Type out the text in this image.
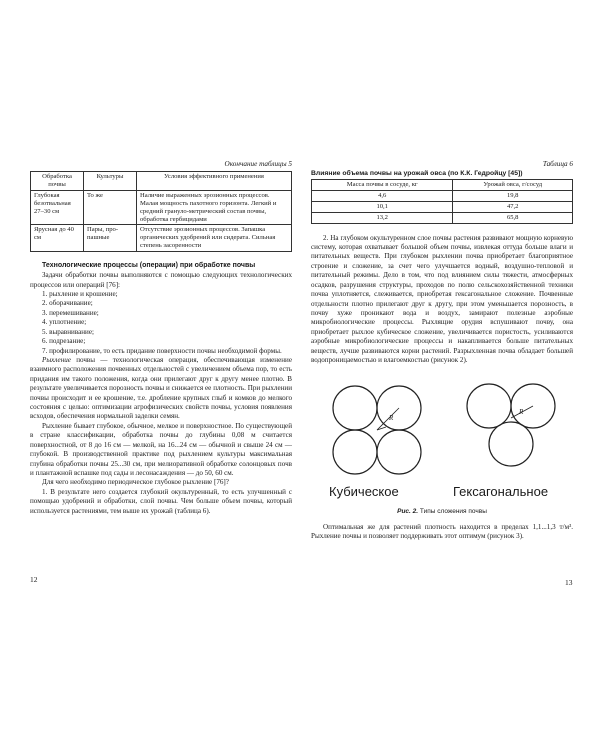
Окончание таблицы 5
Обработка почвы	Культуры	Условия эффективного применения
Глубокая безотвальная 27–30 см	То же	Наличие выраженных эрозионных процессов. Малая мощность пахотного горизонта. Легкий и средний грануло-метрический состав почвы, обработка гербицидами
Ярусная до 40 см	Пары, про-пашные	Отсутствие эрозионных процессов. Запашка органических удобрений или сидерата. Сильная степень засоренности
Технологические процессы (операции) при обработке почвы

Задачи обработки почвы выполняются с помощью следующих технологических процессов или операций [76]:

1. рыхление и крошение;
2. оборачивание;
3. перемешивание;
4. уплотнение;
5. выравнивание;
6. подрезание;
7. профилирование, то есть придание поверхности почвы необходимой формы.

Рыхление почвы — технологическая операция, обеспечивающая изменение взаимного расположения почвенных отдельностей с увеличением объема пор, то есть придания им такого положения, когда они прилегают друг к другу менее плотно. В результате увеличивается порозность почвы и снижается ее плотность. При рыхлении почвы происходит и ее крошение, т.е. дробление крупных глыб и комков до мелкого состояния с целью: оптимизации агрофизических свойств почвы, условия появления всходов, обеспечения нормальной заделки семян.

Рыхление бывает глубокое, обычное, мелкое и поверхностное. По существующей в стране классификации, обработка почвы до глубины 0,08 м считается поверхностной, от 8 до 16 см — мелкой, на 16...24 см — обычной и свыше 24 см — глубокой. В производственной практике под рыхлением культуры максимальная глубина обработки почвы 25...30 см, при мелиоративной обработке солонцовых почв и плантажной вспашке под сады и лесонасаждения — до 50, 60 см.

Для чего необходимо периодическое глубокое рыхление [76]?

1. В результате него создается глубокий окультуренный, то есть улучшенный с помощью удобрений и обработки, слой почвы. Чем больше объем почвы, который используется растениями, тем выше их урожай (таблица 6).

12
Таблица 6
Влияние объема почвы на урожай овса (по К.К. Гедройцу [45])
Масса почвы в сосуде, кг	Урожай овса, г/сосуд
4,6	19,8
10,1	47,2
13,2	65,8

2. На глубоком окультуренном слое почвы растения развивают мощную корневую систему, которая охватывает большой объем почвы, извлекая оттуда больше влаги и питательных веществ. При глубоком рыхлении почва приобретает благоприятное строение и сложение, за счет чего улучшается водный, воздушно-тепловой и питательный режимы. Дело в том, что под влиянием силы тяжести, атмосферных осадков, разрушения структуры, проходов по полю сельскохозяйственной техники почва уплотняется, слеживается, приобретая гексагональное сложение. Почвенные отдельности плотно прилегают друг к другу, при этом уменьшается порозность, в почву хуже проникают вода и воздух, замирают полезные аэробные микробиологические процессы. Рыхлящие орудия вспушивают почву, она приобретает рыхлое кубическое сложение, увеличивается пористость, усиливаются аэробные микробиологические процессы и накапливается больше питательных веществ, лучше развиваются корни растений. Разрыхленная почва обладает большей водопроницаемостью и влагоемкостью (рисунок 2).

R
R
Кубическое	Гексагональное
Рис. 2. Типы сложения почвы

Оптимальная же для растений плотность находится в пределах 1,1...1,3 т/м³. Рыхление почвы и позволяет поддерживать этот оптимум (рисунок 3).

13
